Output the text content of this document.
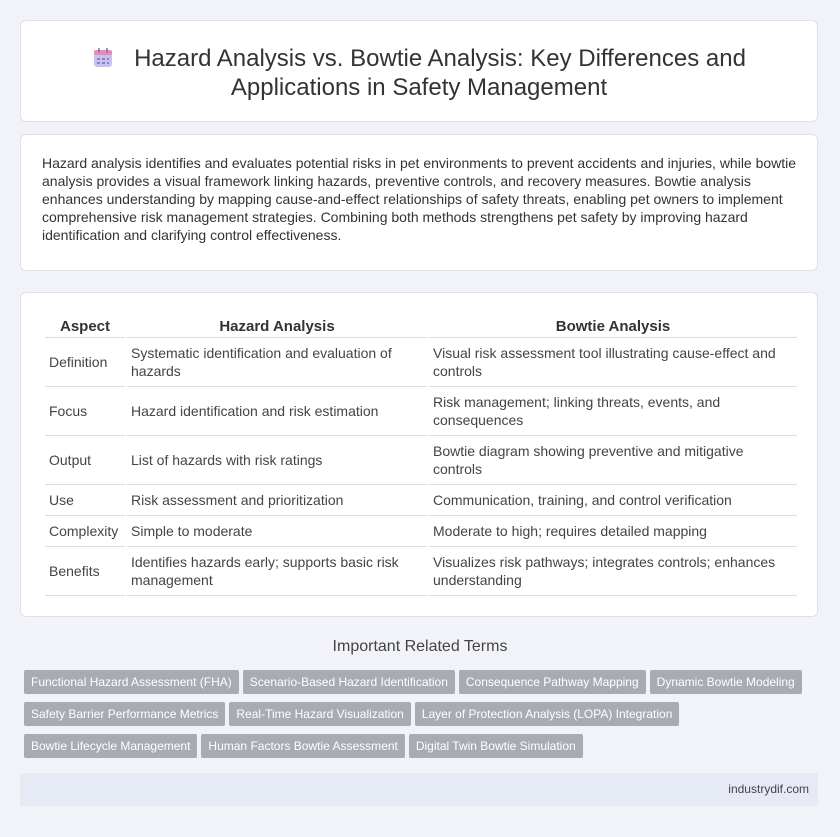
Hazard Analysis vs. Bowtie Analysis: Key Differences and
Applications in Safety Management

Hazard analysis identifies and evaluates potential risks in pet environments to prevent accidents and injuries, while bowtie analysis provides a visual framework linking hazards, preventive controls, and recovery measures. Bowtie analysis enhances understanding by mapping cause-and-effect relationships of safety threats, enabling pet owners to implement comprehensive risk management strategies. Combining both methods strengthens pet safety by improving hazard identification and clarifying control effectiveness.

Aspect	Hazard Analysis	Bowtie Analysis
Definition	Systematic identification and evaluation of hazards	Visual risk assessment tool illustrating cause-effect and controls
Focus	Hazard identification and risk estimation	Risk management; linking threats, events, and consequences
Output	List of hazards with risk ratings	Bowtie diagram showing preventive and mitigative controls
Use	Risk assessment and prioritization	Communication, training, and control verification
Complexity	Simple to moderate	Moderate to high; requires detailed mapping
Benefits	Identifies hazards early; supports basic risk management	Visualizes risk pathways; integrates controls; enhances understanding
Important Related Terms
Functional Hazard Assessment (FHA) Scenario-Based Hazard Identification Consequence Pathway Mapping Dynamic Bowtie Modeling
Safety Barrier Performance Metrics Real-Time Hazard Visualization Layer of Protection Analysis (LOPA) Integration
Bowtie Lifecycle Management Human Factors Bowtie Assessment Digital Twin Bowtie Simulation
industrydif.com
